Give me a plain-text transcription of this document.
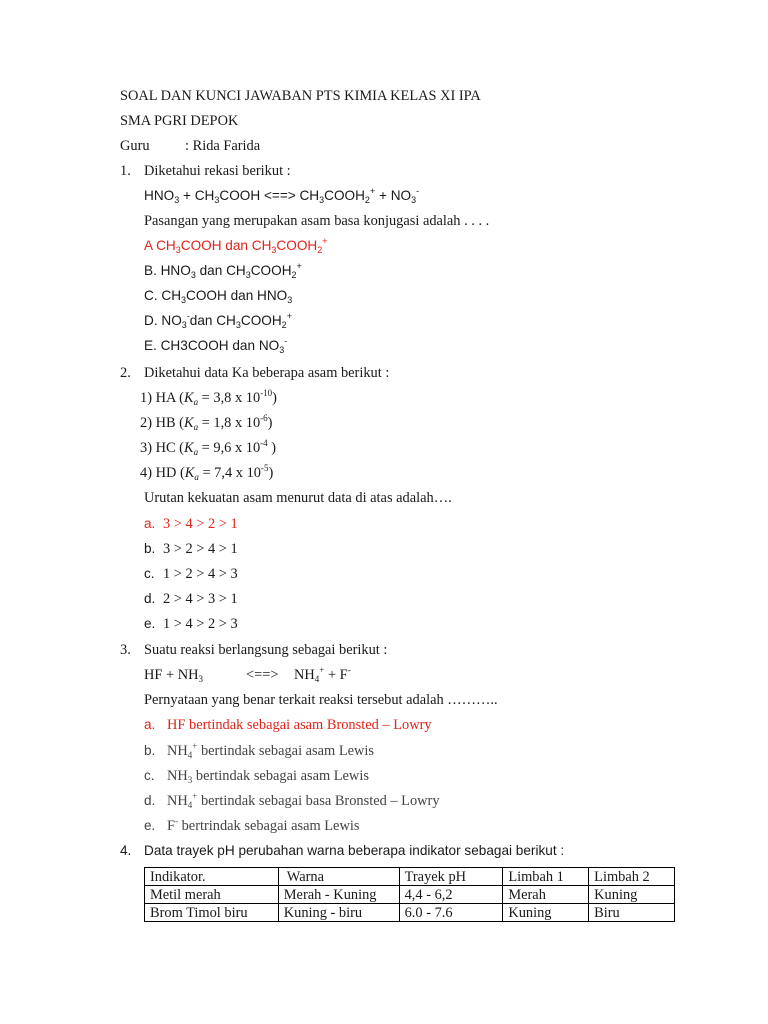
SOAL DAN KUNCI JAWABAN PTS KIMIA KELAS XI IPA
SMA PGRI DEPOK
Guru : Rida Farida
1. Diketahui rekasi berikut :
$HNO_3$ + $CH_3COOH$ <==> $CH_3COOH_2^+ + NO_3^-$
Pasangan yang merupakan asam basa konjugasi adalah . . . .
A $CH_3COOH$ dan $CH_3COOH_2^+$
B. $HNO_3$ dan $CH_3COOH_2^+$
C. $CH_3COOH$ dan $HNO_3$
D. $NO_3^-dan$ $CH_3COOH_2^+$
E. CH3COOH dan $NO_3^-$
2. Diketahui data Ka beberapa asam berikut :
1) HA ($K_a = 3,8$ x $10^{-10}$)
2) HB ($K_a = 1,8$ x $10^{-6}$)
3) HC ($K_a = 9,6$ x $10^{-4}$ )
4) HD ($K_a = 7,4$ x $10^{-5}$)
Urutan kekuatan asam menurut data di atas adalah….
a. 3 > 4 > 2 > 1
b. 3 > 2 > 4 > 1
c. 1 > 2 > 4 > 3
d. 2 > 4 > 3 > 1
e. 1 > 4 > 2 > 3
3. Suatu reaksi berlangsung sebagai berikut :
HF + $NH_3$	<==> $NH_4^+ + F^-$
Pernyataan yang benar terkait reaksi tersebut adalah ………..
a. HF bertindak sebagai asam Bronsted – Lowry
b. $NH_4^+$ bertindak sebagai asam Lewis
c. $NH_3$ bertindak sebagai asam Lewis
d. $NH_4^+$ bertindak sebagai basa Bronsted – Lowry
e. F- bertrindak sebagai asam Lewis
4. Data trayek pH perubahan warna beberapa indikator sebagai berikut :
Indikator.	Warna	Trayek pH	Limbah 1	Limbah 2
Metil merah	Merah - Kuning	4,4 - 6,2	Merah	Kuning
Brom Timol biru	Kuning - biru	6.0 - 7.6	Kuning	Biru
